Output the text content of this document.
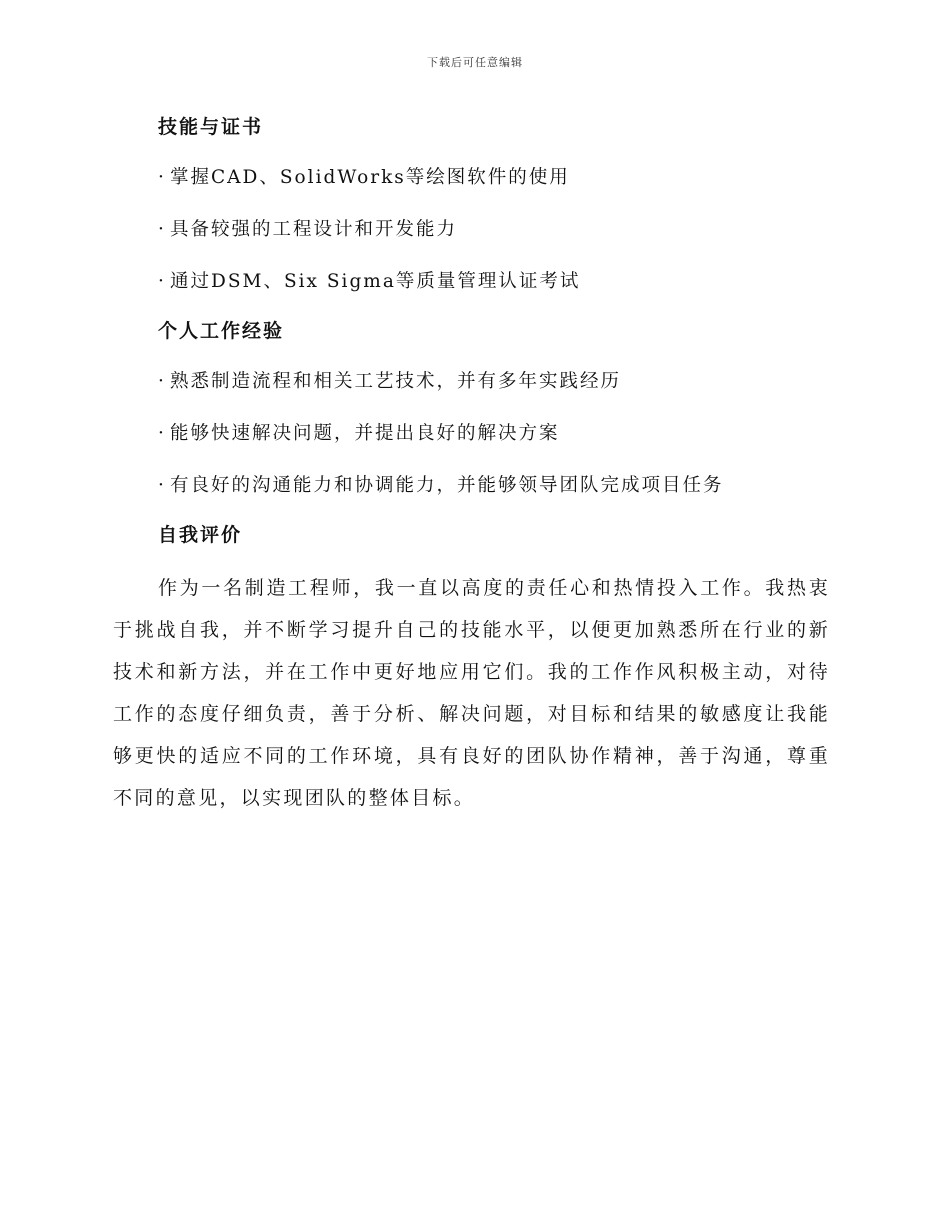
下载后可任意编辑
技能与证书
· 掌握CAD、SolidWorks等绘图软件的使用
· 具备较强的工程设计和开发能力
· 通过DSM、Six Sigma等质量管理认证考试
个人工作经验
· 熟悉制造流程和相关工艺技术，并有多年实践经历
· 能够快速解决问题，并提出良好的解决方案
· 有良好的沟通能力和协调能力，并能够领导团队完成项目任务
自我评价

作为一名制造工程师，我一直以高度的责任心和热情投入工作。我热衷于挑战自我，并不断学习提升自己的技能水平，以便更加熟悉所在行业的新技术和新方法，并在工作中更好地应用它们。我的工作作风积极主动，对待工作的态度仔细负责，善于分析、解决问题，对目标和结果的敏感度让我能够更快的适应不同的工作环境，具有良好的团队协作精神，善于沟通，尊重不同的意见，以实现团队的整体目标。
